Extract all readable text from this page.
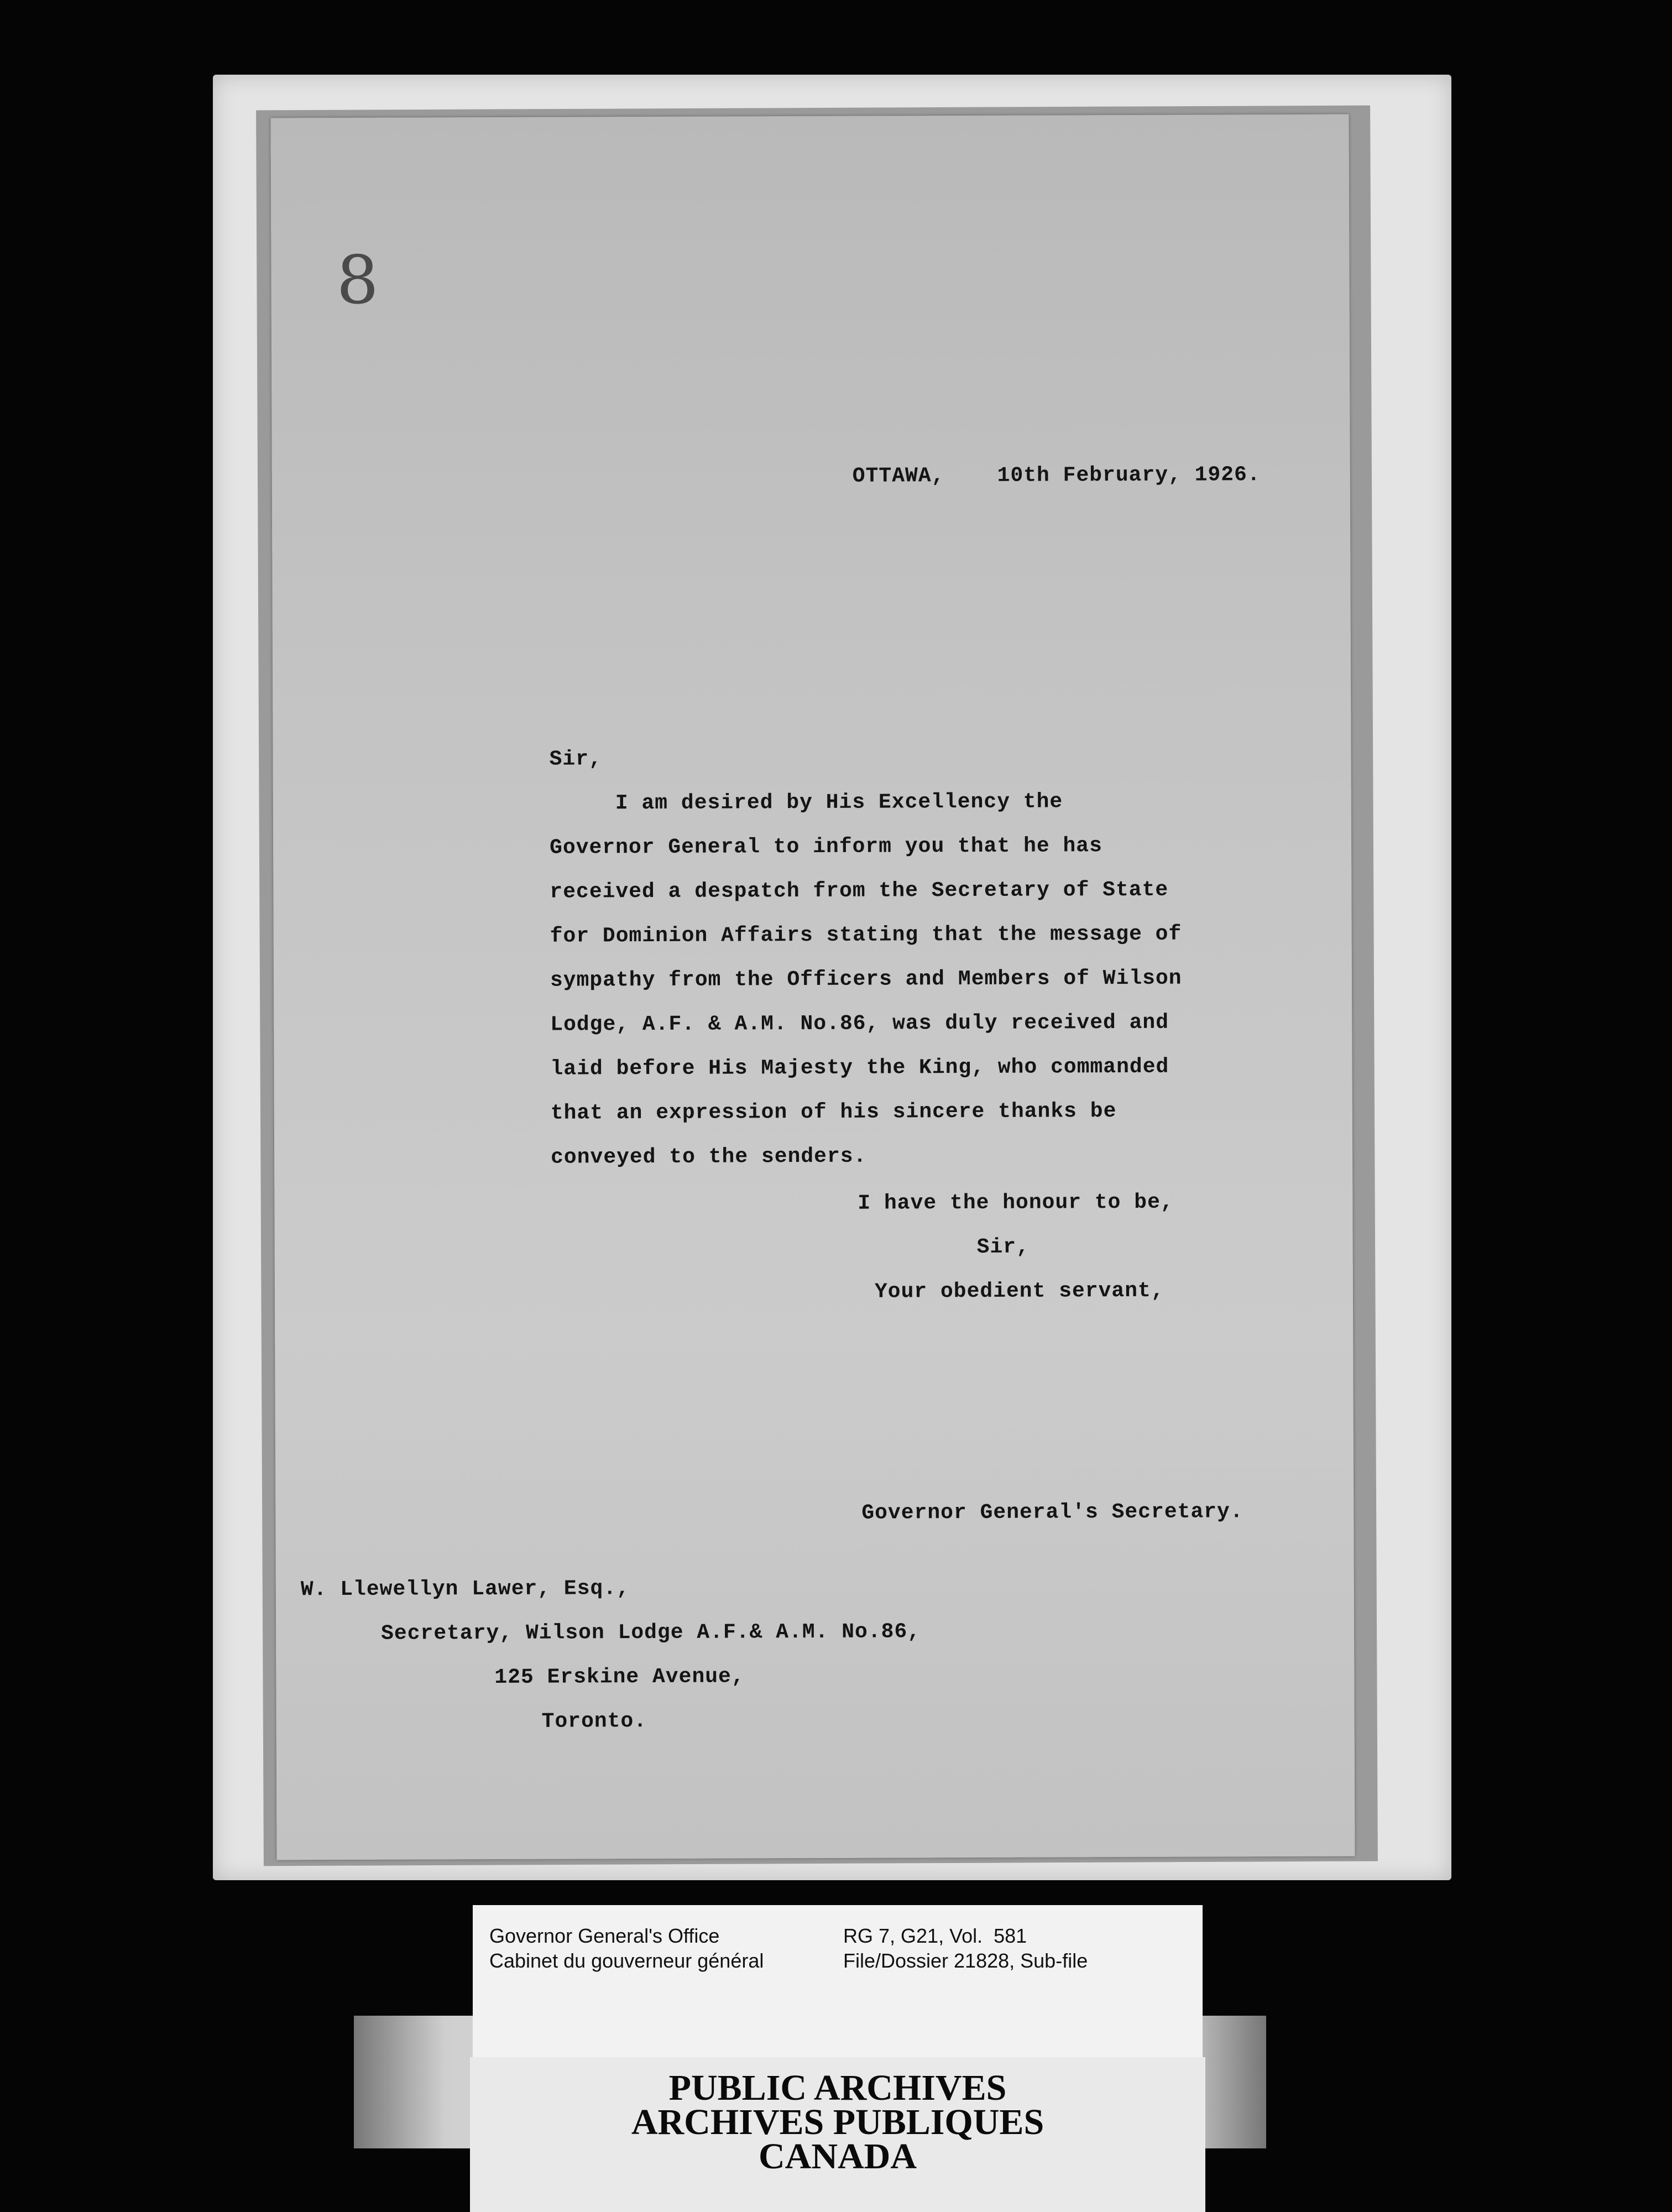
8
OTTAWA,    10th February, 1926.
Sir,
I am desired by His Excellency the
Governor General to inform you that he has
received a despatch from the Secretary of State
for Dominion Affairs stating that the message of
sympathy from the Officers and Members of Wilson
Lodge, A.F. & A.M. No.86, was duly received and
laid before His Majesty the King, who commanded
that an expression of his sincere thanks be
conveyed to the senders.
I have the honour to be,
Sir,
Your obedient servant,
Governor General's Secretary.
W. Llewellyn Lawer, Esq.,
Secretary, Wilson Lodge A.F.& A.M. No.86,
125 Erskine Avenue,
Toronto.
Governor General's Office
Cabinet du gouverneur général
RG 7, G21, Vol.  581
File/Dossier 21828, Sub-file
PUBLIC ARCHIVES
ARCHIVES PUBLIQUES
CANADA
